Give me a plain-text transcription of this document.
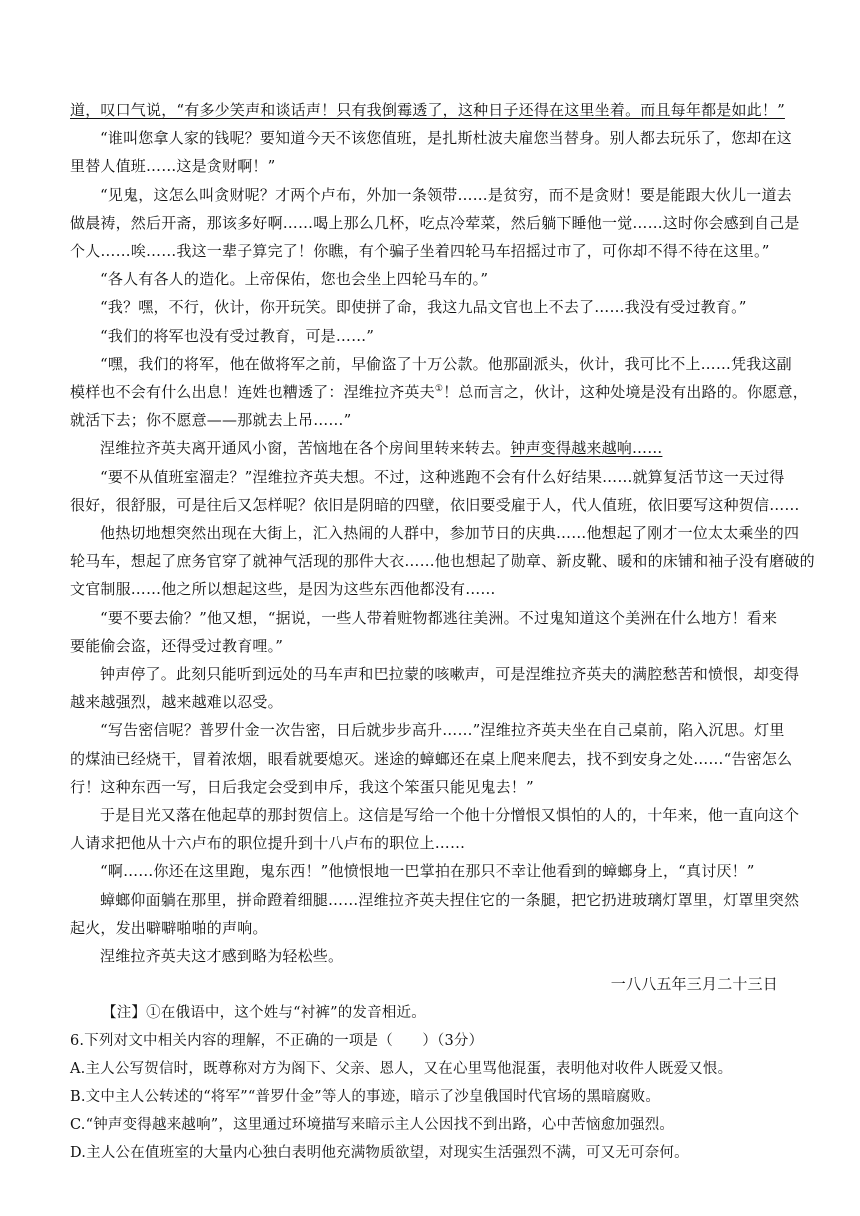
道，叹口气说，“有多少笑声和谈话声！只有我倒霉透了，这种日子还得在这里坐着。而且每年都是如此！”
“谁叫您拿人家的钱呢？要知道今天不该您值班，是扎斯杜波夫雇您当替身。别人都去玩乐了，您却在这
里替人值班……这是贪财啊！”
“见鬼，这怎么叫贪财呢？才两个卢布，外加一条领带……是贫穷，而不是贪财！要是能跟大伙儿一道去
做晨祷，然后开斋，那该多好啊……喝上那么几杯，吃点冷荤菜，然后躺下睡他一觉……这时你会感到自己是
个人……唉……我这一辈子算完了！你瞧，有个骗子坐着四轮马车招摇过市了，可你却不得不待在这里。”
“各人有各人的造化。上帝保佑，您也会坐上四轮马车的。”
“我？嘿，不行，伙计，你开玩笑。即使拼了命，我这九品文官也上不去了……我没有受过教育。”
“我们的将军也没有受过教育，可是……”
“嘿，我们的将军，他在做将军之前，早偷盗了十万公款。他那副派头，伙计，我可比不上……凭我这副
模样也不会有什么出息！连姓也糟透了：涅维拉齐英夫①！总而言之，伙计，这种处境是没有出路的。你愿意，
就活下去；你不愿意——那就去上吊……”
涅维拉齐英夫离开通风小窗，苦恼地在各个房间里转来转去。钟声变得越来越响……
“要不从值班室溜走？”涅维拉齐英夫想。不过，这种逃跑不会有什么好结果……就算复活节这一天过得
很好，很舒服，可是往后又怎样呢？依旧是阴暗的四壁，依旧要受雇于人，代人值班，依旧要写这种贺信……
他热切地想突然出现在大街上，汇入热闹的人群中，参加节日的庆典……他想起了刚才一位太太乘坐的四
轮马车，想起了庶务官穿了就神气活现的那件大衣……他也想起了勋章、新皮靴、暖和的床铺和袖子没有磨破的
文官制服……他之所以想起这些，是因为这些东西他都没有……
“要不要去偷？”他又想，“据说，一些人带着赃物都逃往美洲。不过鬼知道这个美洲在什么地方！看来
要能偷会盗，还得受过教育哩。”
钟声停了。此刻只能听到远处的马车声和巴拉蒙的咳嗽声，可是涅维拉齐英夫的满腔愁苦和愤恨，却变得
越来越强烈，越来越难以忍受。
“写告密信呢？普罗什金一次告密，日后就步步高升……”涅维拉齐英夫坐在自己桌前，陷入沉思。灯里
的煤油已经烧干，冒着浓烟，眼看就要熄灭。迷途的蟑螂还在桌上爬来爬去，找不到安身之处……“告密怎么
行！这种东西一写，日后我定会受到申斥，我这个笨蛋只能见鬼去！”
于是目光又落在他起草的那封贺信上。这信是写给一个他十分憎恨又惧怕的人的，十年来，他一直向这个
人请求把他从十六卢布的职位提升到十八卢布的职位上……
“啊……你还在这里跑，鬼东西！”他愤恨地一巴掌拍在那只不幸让他看到的蟑螂身上，“真讨厌！”
蟑螂仰面躺在那里，拼命蹬着细腿……涅维拉齐英夫捏住它的一条腿，把它扔进玻璃灯罩里，灯罩里突然
起火，发出噼噼啪啪的声响。
涅维拉齐英夫这才感到略为轻松些。
一八八五年三月二十三日
【注】①在俄语中，这个姓与“衬裤”的发音相近。
6.下列对文中相关内容的理解，不正确的一项是（　　）（3分）
A.主人公写贺信时，既尊称对方为阁下、父亲、恩人，又在心里骂他混蛋，表明他对收件人既爱又恨。
B.文中主人公转述的“将军”“普罗什金”等人的事迹，暗示了沙皇俄国时代官场的黑暗腐败。
C.“钟声变得越来越响”，这里通过环境描写来暗示主人公因找不到出路，心中苦恼愈加强烈。
D.主人公在值班室的大量内心独白表明他充满物质欲望，对现实生活强烈不满，可又无可奈何。
